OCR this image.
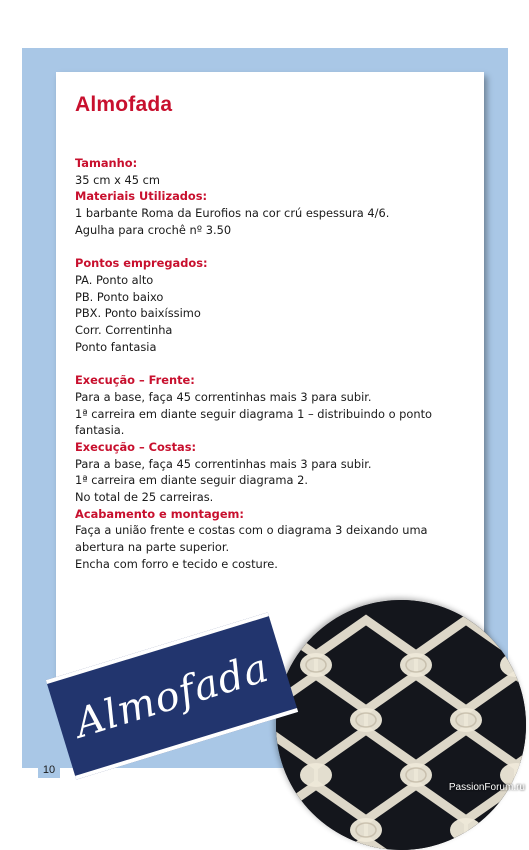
Almofada

Tamanho:

35 cm x 45 cm

Materiais Utilizados:

1 barbante Roma da Eurofios na cor crú espessura 4/6.

Agulha para crochê nº 3.50

Pontos empregados:

PA. Ponto alto

PB. Ponto baixo

PBX. Ponto baixíssimo

Corr. Correntinha

Ponto fantasia

Execução – Frente:

Para a base, faça 45 correntinhas mais 3 para subir.

1ª carreira em diante seguir diagrama 1 – distribuindo o ponto

fantasia.

Execução – Costas:

Para a base, faça 45 correntinhas mais 3 para subir.

1ª carreira em diante seguir diagrama 2.

No total de 25 carreiras.

Acabamento e montagem:

Faça a união frente e costas com o diagrama 3 deixando uma

abertura na parte superior.

Encha com forro e tecido e costure.

Almofada
10
PassionForum.ru
